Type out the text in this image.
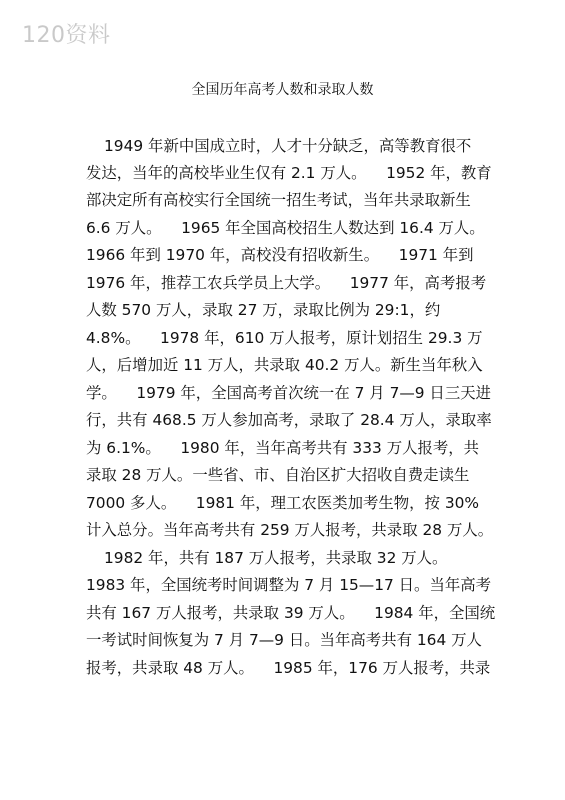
120资料
全国历年高考人数和录取人数
1949 年新中国成立时，人才十分缺乏，高等教育很不
发达，当年的高校毕业生仅有 2.1 万人。    1952 年，教育
部决定所有高校实行全国统一招生考试，当年共录取新生
6.6 万人。    1965 年全国高校招生人数达到 16.4 万人。
1966 年到 1970 年，高校没有招收新生。    1971 年到
1976 年，推荐工农兵学员上大学。    1977 年，高考报考
人数 570 万人，录取 27 万，录取比例为 29:1，约
4.8%。    1978 年，610 万人报考，原计划招生 29.3 万
人，后增加近 11 万人，共录取 40.2 万人。新生当年秋入
学。    1979 年，全国高考首次统一在 7 月 7—9 日三天进
行，共有 468.5 万人参加高考，录取了 28.4 万人，录取率
为 6.1%。    1980 年，当年高考共有 333 万人报考，共
录取 28 万人。一些省、市、自治区扩大招收自费走读生
7000 多人。    1981 年，理工农医类加考生物，按 30%
计入总分。当年高考共有 259 万人报考，共录取 28 万人。
1982 年，共有 187 万人报考，共录取 32 万人。
1983 年，全国统考时间调整为 7 月 15—17 日。当年高考
共有 167 万人报考，共录取 39 万人。    1984 年，全国统
一考试时间恢复为 7 月 7—9 日。当年高考共有 164 万人
报考，共录取 48 万人。    1985 年，176 万人报考，共录
